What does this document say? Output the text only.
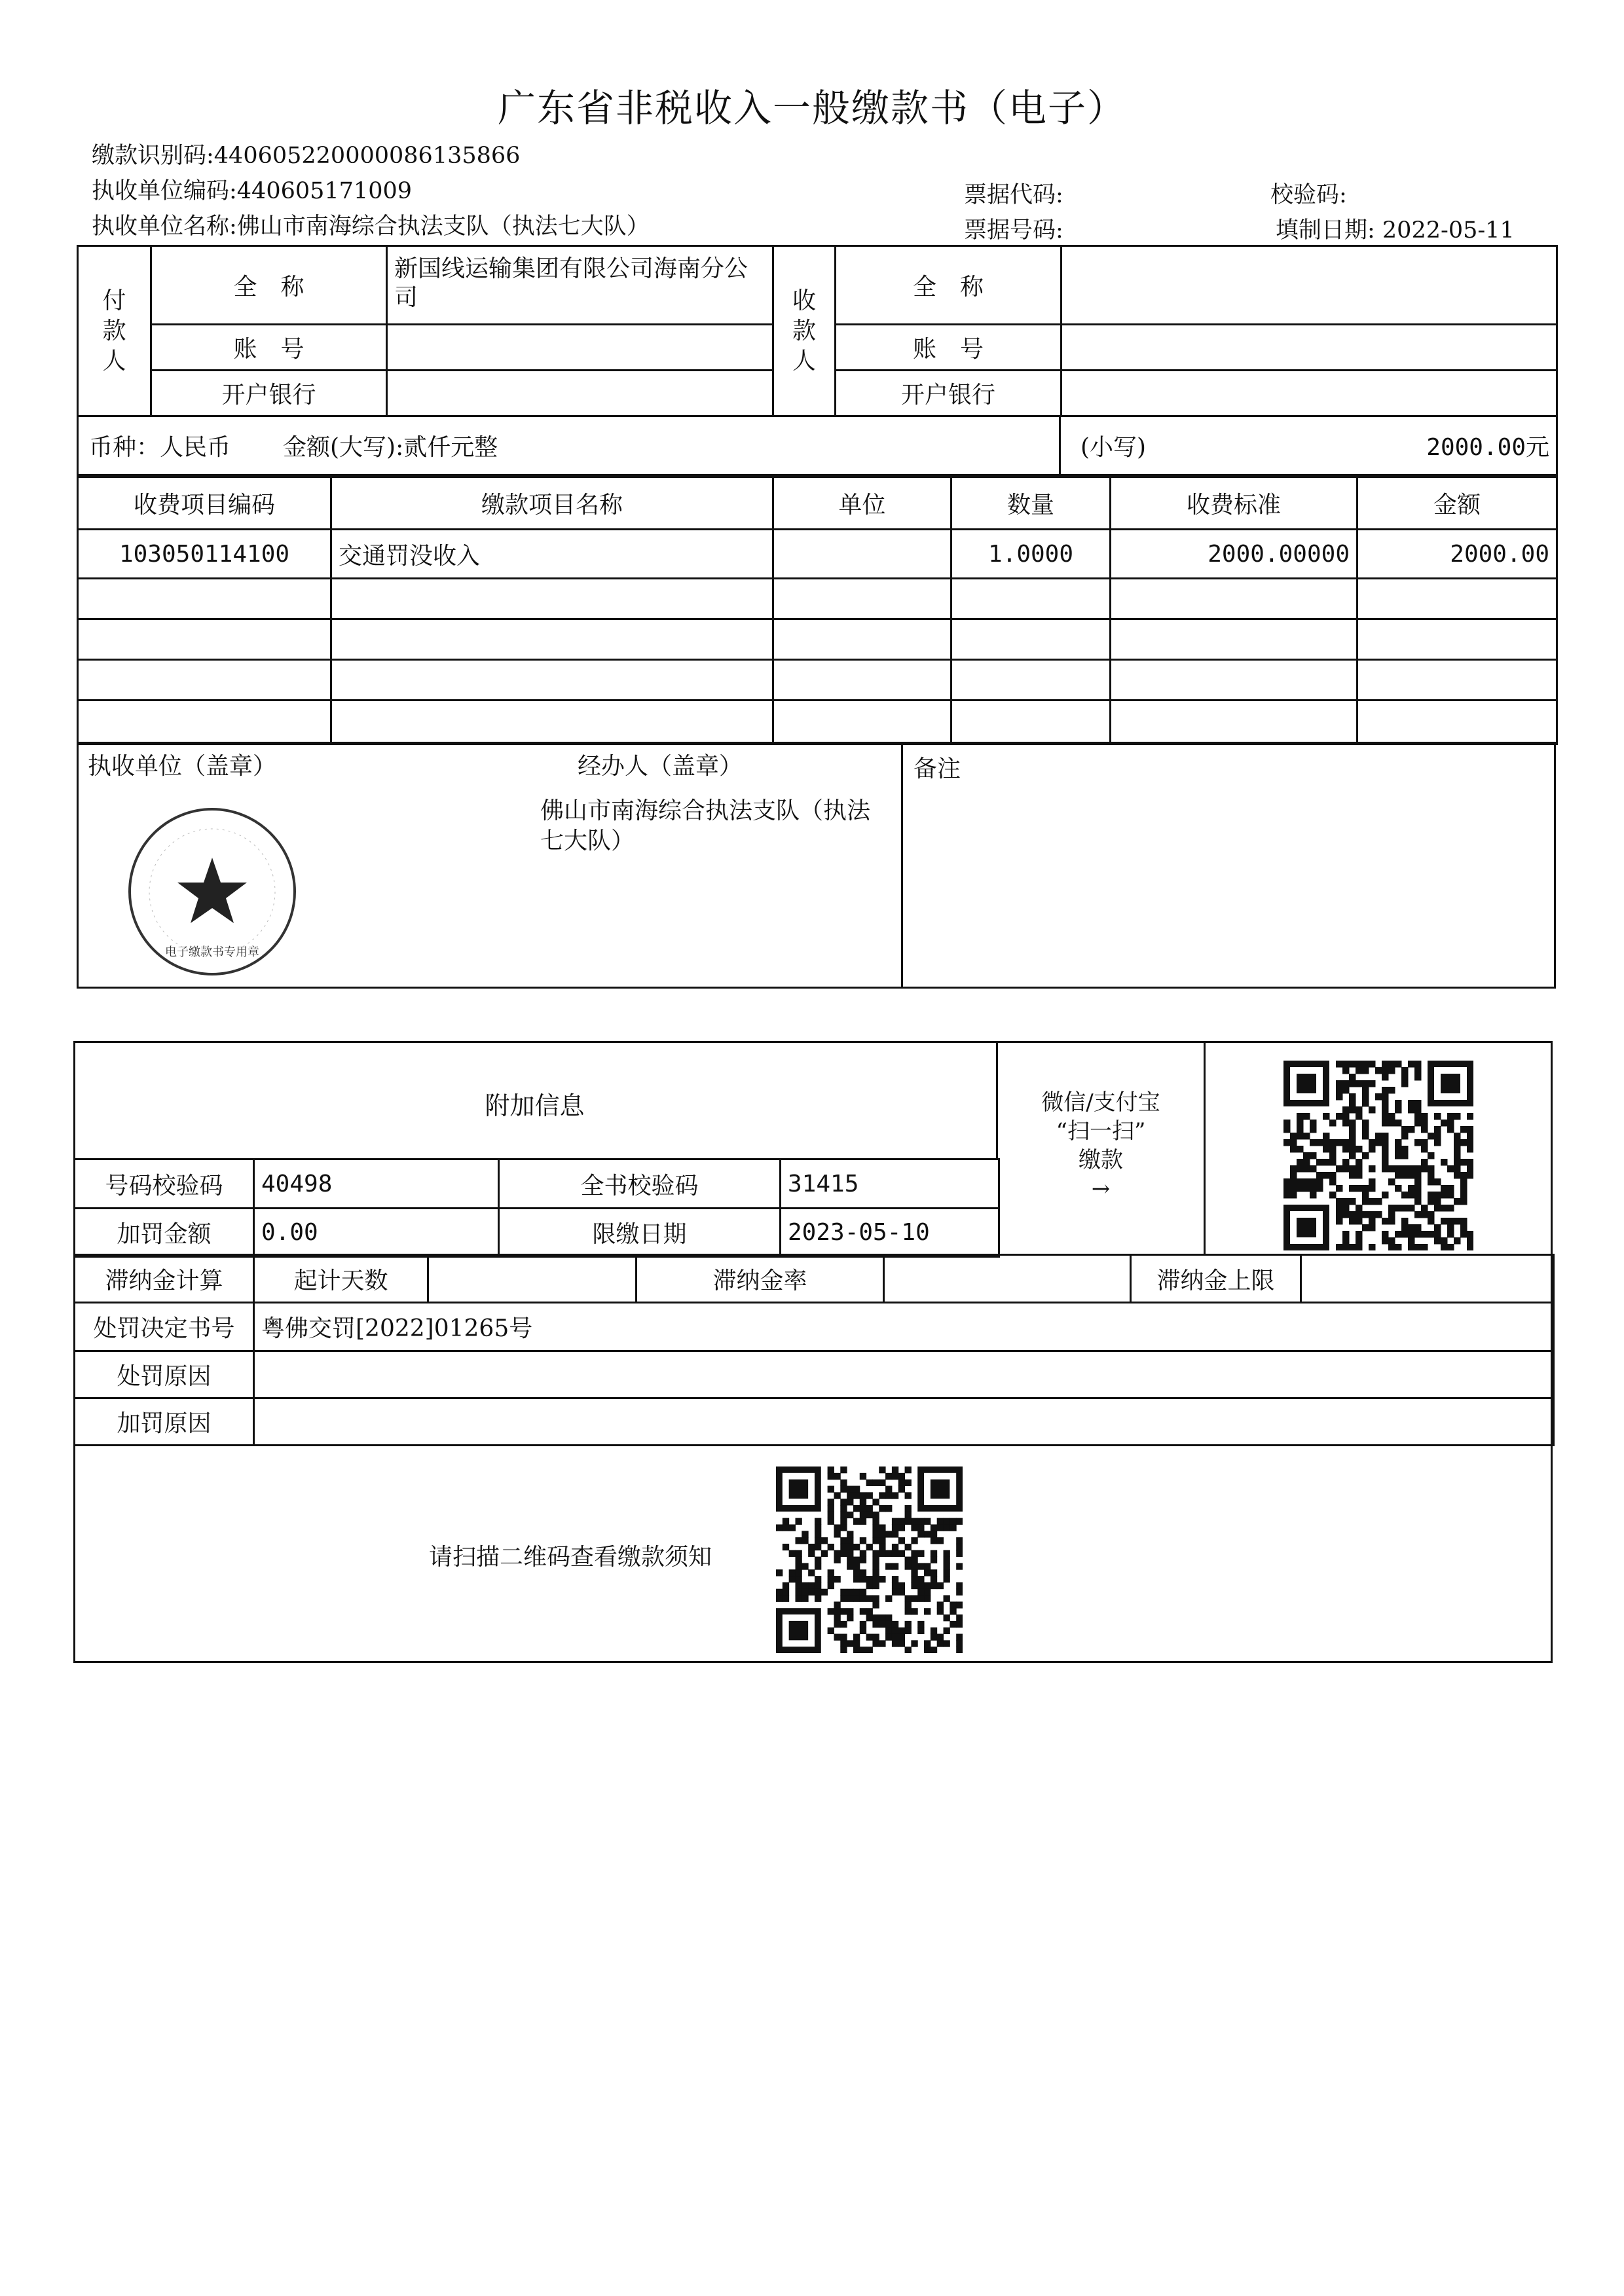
广东省非税收入一般缴款书（电子）
缴款识别码:4406052200000861358​66
执收单位编码:440605171009
执收单位名称:佛山市南海综合执法支队（执法七大队）
票据代码:
票据号码:
校验码:
填制日期: 2022-05-11
付款人	全　称	新国线运输集团有限公司海南分公司	收款人	全　称	
	账　号			账　号	
	开户银行			开户银行	
币种：人民币 金额(大写):贰仟元整	(小写)	2000.00元
收费项目编码	缴款项目名称	单位	数量	收费标准	金额
103050114100	交通罚没收入		1.0000	2000.00000	2000.00

执收单位（盖章）	经办人（盖章）
佛山市南海综合执法支队（执法七大队）
电子缴款书专用章
备注
附加信息	微信/支付宝
“扫一扫”
缴款
→
号码校验码	40498	全书校验码	31415
加罚金额	0.00	限缴日期	2023-05-10
滞纳金计算	起计天数		滞纳金率		滞纳金上限	
处罚决定书号	粤佛交罚[2022]01265号
处罚原因	
加罚原因	
请扫描二维码查看缴款须知
